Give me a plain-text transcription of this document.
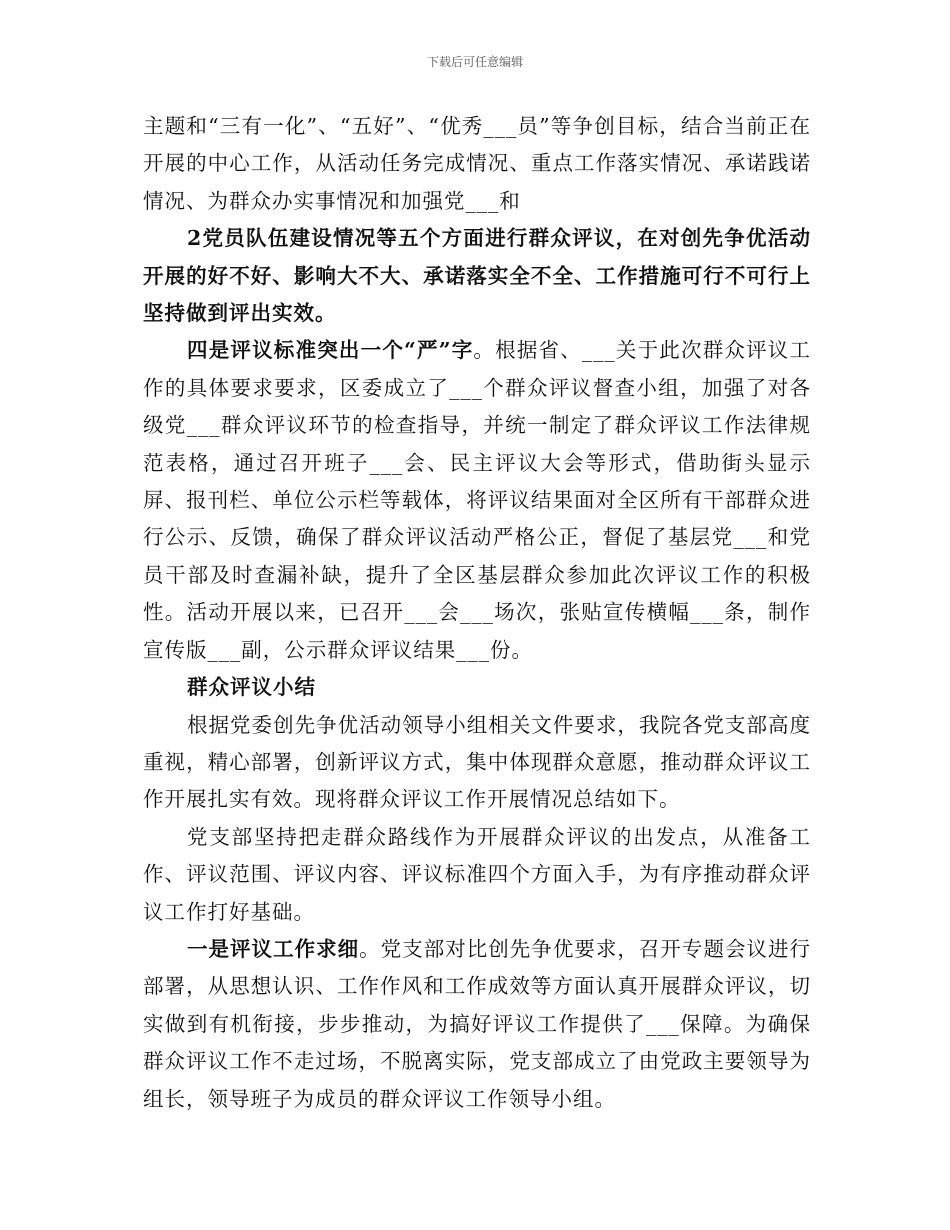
下载后可任意编辑

主题和“三有一化”、“五好”、“优秀___员”等争创目标，结合当前正在开展的中心工作，从活动任务完成情况、重点工作落实情况、承诺践诺情况、为群众办实事情况和加强党___和

2党员队伍建设情况等五个方面进行群众评议，在对创先争优活动开展的好不好、影响大不大、承诺落实全不全、工作措施可行不可行上坚持做到评出实效。

四是评议标准突出一个“严”字。根据省、___关于此次群众评议工作的具体要求要求，区委成立了___个群众评议督查小组，加强了对各级党___群众评议环节的检查指导，并统一制定了群众评议工作法律规范表格，通过召开班子___会、民主评议大会等形式，借助街头显示屏、报刊栏、单位公示栏等载体，将评议结果面对全区所有干部群众进行公示、反馈，确保了群众评议活动严格公正，督促了基层党___和党员干部及时查漏补缺，提升了全区基层群众参加此次评议工作的积极性。活动开展以来，已召开___会___场次，张贴宣传横幅___条，制作宣传版___副，公示群众评议结果___份。

群众评议小结

根据党委创先争优活动领导小组相关文件要求，我院各党支部高度重视，精心部署，创新评议方式，集中体现群众意愿，推动群众评议工作开展扎实有效。现将群众评议工作开展情况总结如下。

党支部坚持把走群众路线作为开展群众评议的出发点，从准备工作、评议范围、评议内容、评议标准四个方面入手，为有序推动群众评议工作打好基础。

一是评议工作求细。党支部对比创先争优要求，召开专题会议进行部署，从思想认识、工作作风和工作成效等方面认真开展群众评议，切实做到有机衔接，步步推动，为搞好评议工作提供了___保障。为确保群众评议工作不走过场，不脱离实际，党支部成立了由党政主要领导为组长，领导班子为成员的群众评议工作领导小组。
